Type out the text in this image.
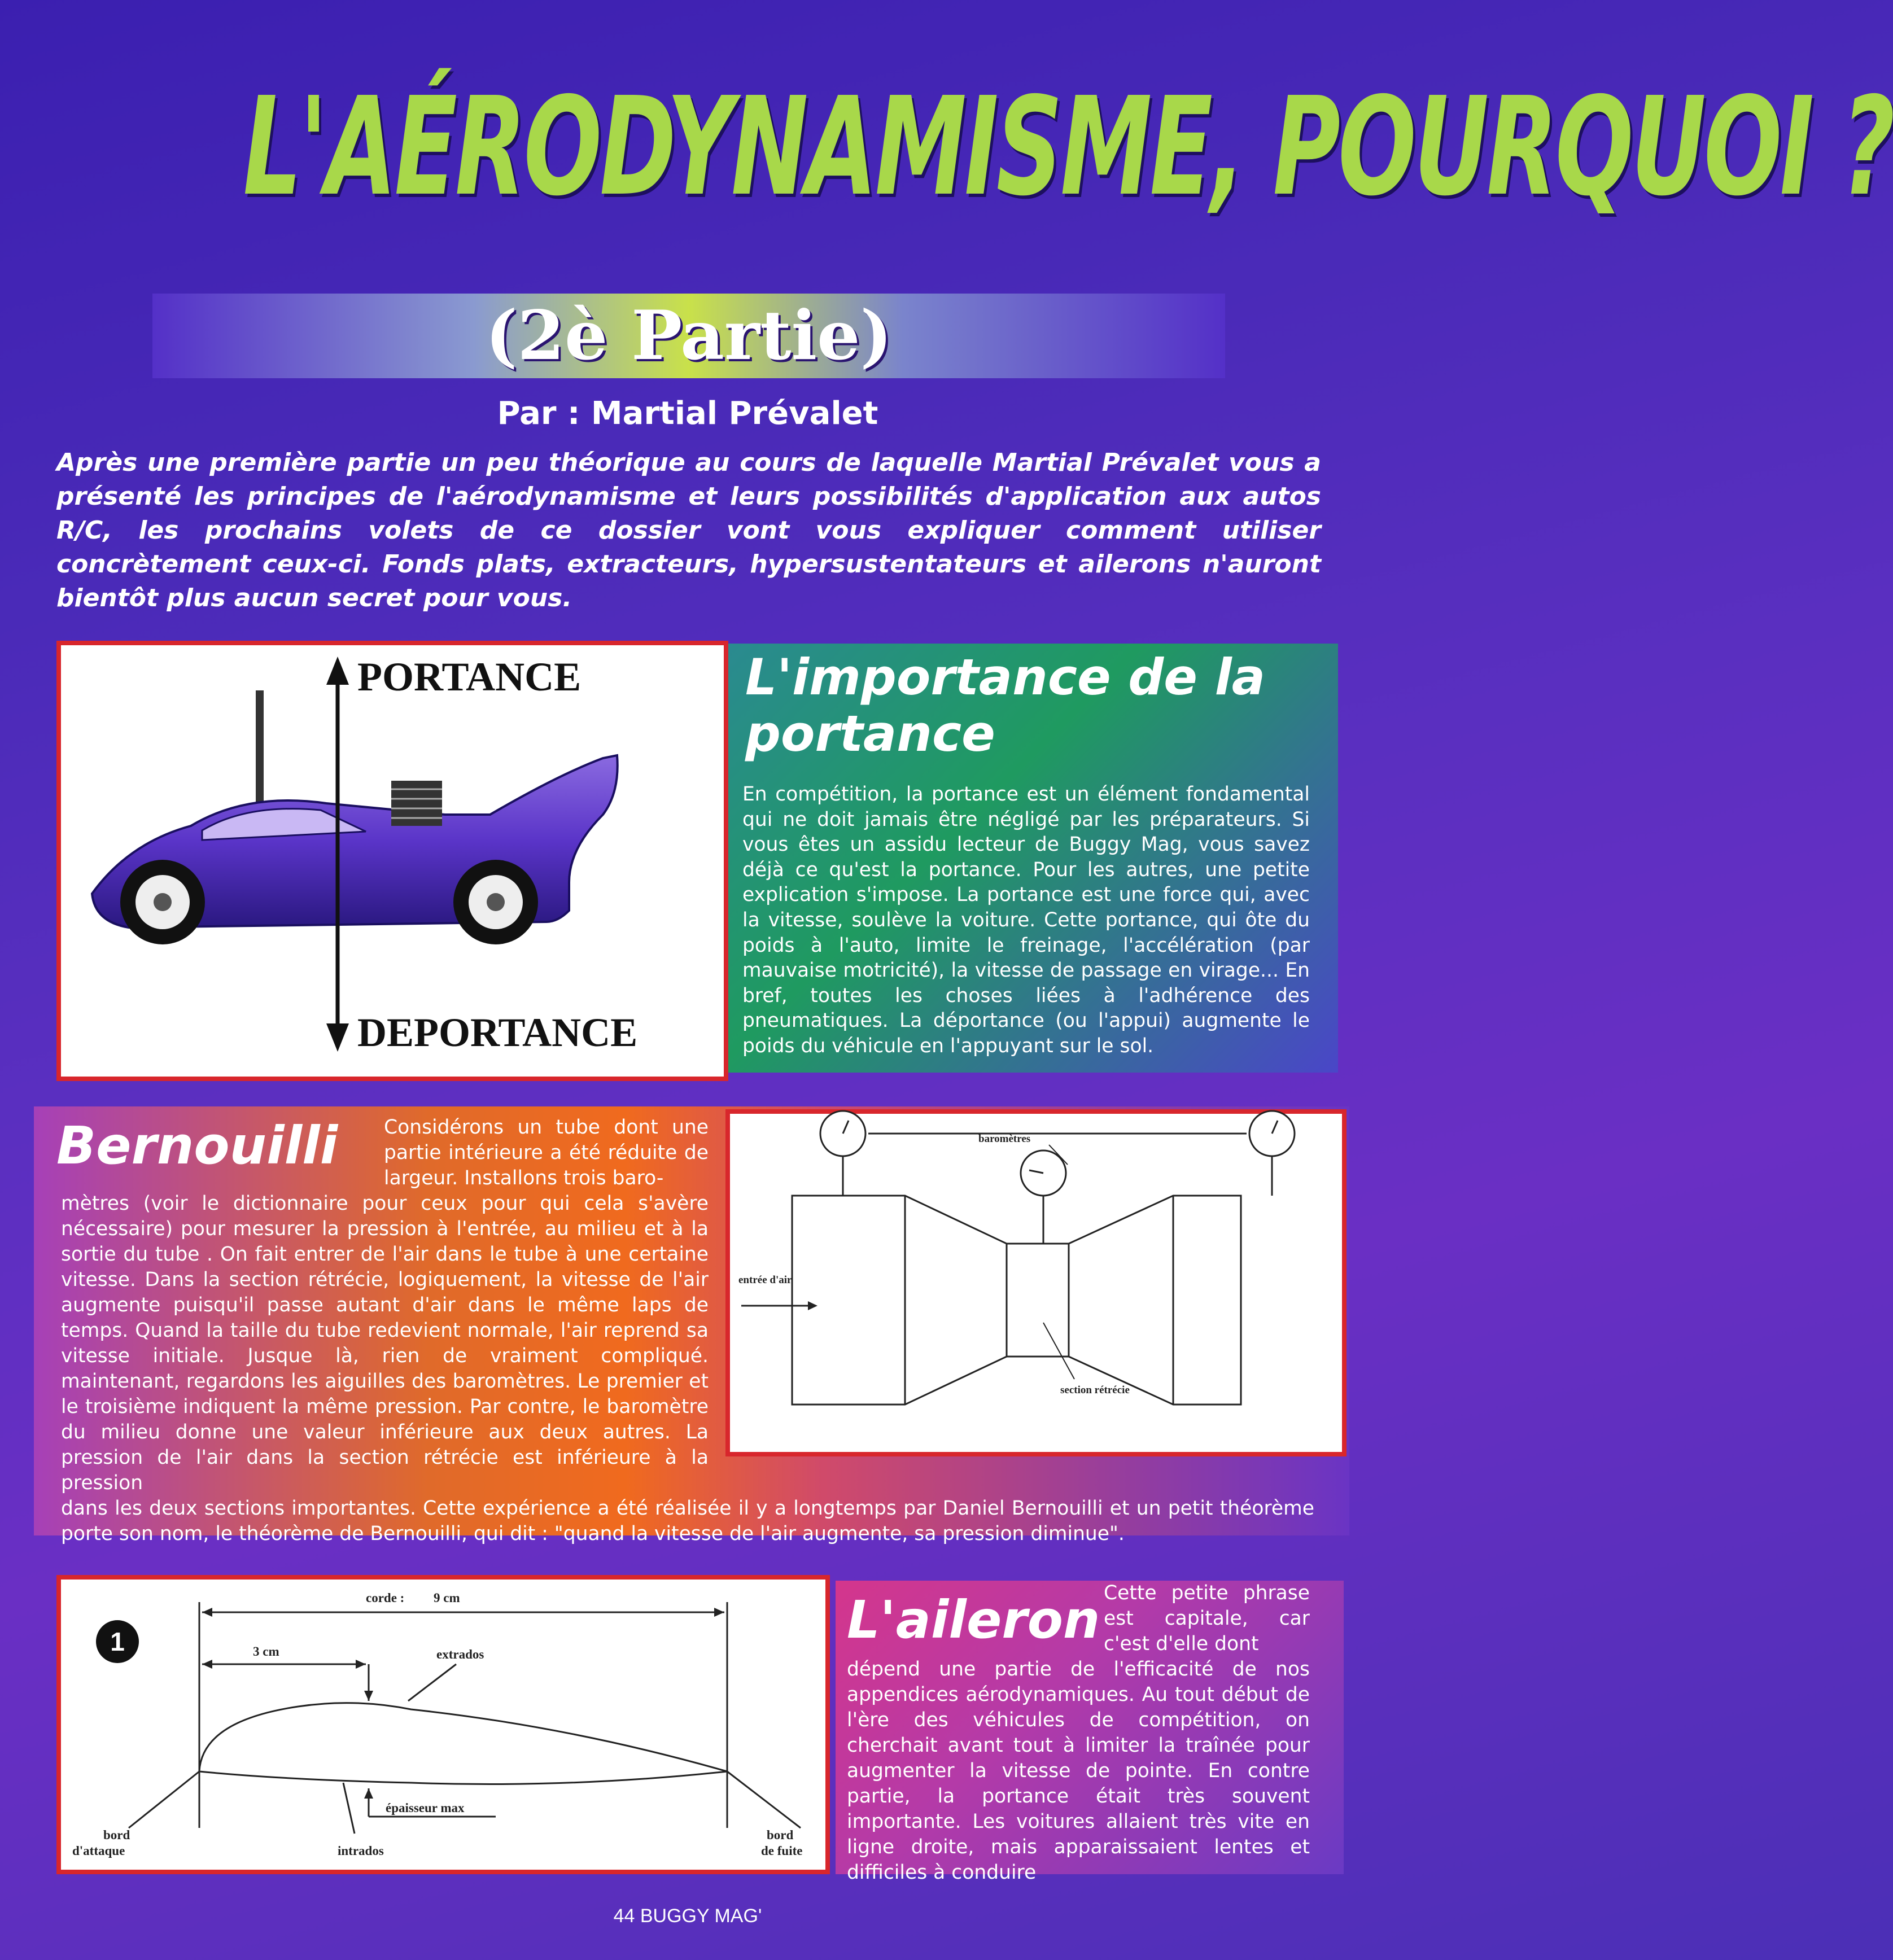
L'AÉRODYNAMISME, POURQUOI ?
(2è Partie)
Par : Martial Prévalet
Après une première partie un peu théorique au cours de laquelle Martial Prévalet vous a présenté les principes de l'aérodynamisme et leurs possibilités d'application aux autos R/C, les prochains volets de ce dossier vont vous expliquer comment utiliser concrètement ceux-ci. Fonds plats, extracteurs, hypersustentateurs et ailerons n'auront bientôt plus aucun secret pour vous.
PORTANCE
DEPORTANCE
L'importance de la portance
En compétition, la portance est un élément fondamental qui ne doit jamais être négligé par les préparateurs. Si vous êtes un assidu lecteur de Buggy Mag, vous savez déjà ce qu'est la portance. Pour les autres, une petite explication s'impose. La portance est une force qui, avec la vitesse, soulève la voiture. Cette portance, qui ôte du poids à l'auto, limite le freinage, l'accélération (par mauvaise motricité), la vitesse de passage en virage... En bref, toutes les choses liées à l'adhérence des pneumatiques. La déportance (ou l'appui) augmente le poids du véhicule en l'appuyant sur le sol.
Bernouilli	Considérons un tube dont une partie intérieure a été réduite de largeur. Installons trois baro-
mètres (voir le dictionnaire pour ceux pour qui cela s'avère nécessaire) pour mesurer la pression à l'entrée, au milieu et à la sortie du tube . On fait entrer de l'air dans le tube à une certaine vitesse. Dans la section rétrécie, logiquement, la vitesse de l'air augmente puisqu'il passe autant d'air dans le même laps de temps. Quand la taille du tube redevient normale, l'air reprend sa vitesse initiale. Jusque là, rien de vraiment compliqué. maintenant, regardons les aiguilles des baromètres. Le premier et le troisième indiquent la même pression. Par contre, le baromètre du milieu donne une valeur inférieure aux deux autres. La pression de l'air dans la section rétrécie est inférieure à la pression
dans les deux sections importantes. Cette expérience a été réalisée il y a longtemps par Daniel Bernouilli et un petit théorème porte son nom, le théorème de Bernouilli, qui dit : "quand la vitesse de l'air augmente, sa pression diminue".
baromètres
entrée d'air
section rétrécie
1
corde : 9 cm
3 cm	extrados
épaisseur max
bord
d'attaque	intrados
bord
de fuite
L'aileron Cette petite phrase est capitale, car c'est d'elle dont
dépend une partie de l'efficacité de nos appendices aérodynamiques. Au tout début de l'ère des véhicules de compétition, on cherchait avant tout à limiter la traînée pour augmenter la vitesse de pointe. En contre partie, la portance était très souvent importante. Les voitures allaient très vite en ligne droite, mais apparaissaient lentes et difficiles à conduire
44 BUGGY MAG'
